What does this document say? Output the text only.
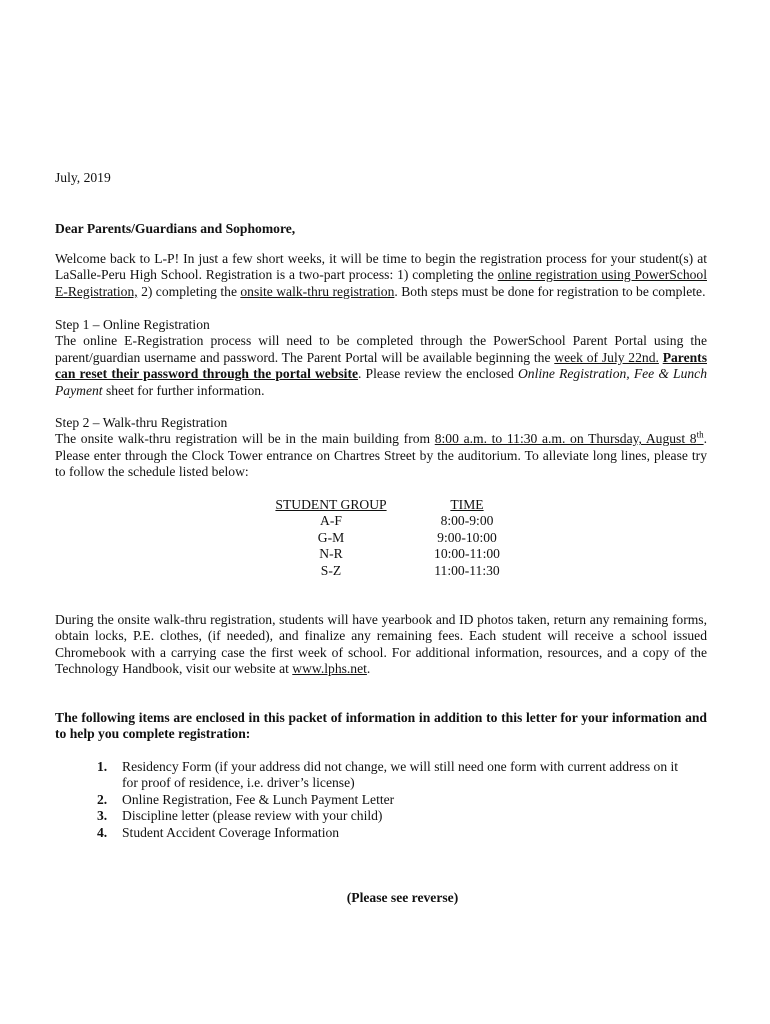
July, 2019
Dear Parents/Guardians and Sophomore,
Welcome back to L-P! In just a few short weeks, it will be time to begin the registration process for your student(s) at LaSalle-Peru High School. Registration is a two-part process: 1) completing the online registration using PowerSchool E-Registration, 2) completing the onsite walk-thru registration. Both steps must be done for registration to be complete.
Step 1 – Online Registration
The online E-Registration process will need to be completed through the PowerSchool Parent Portal using the parent/guardian username and password. The Parent Portal will be available beginning the week of July 22nd. Parents can reset their password through the portal website. Please review the enclosed Online Registration, Fee & Lunch Payment sheet for further information.
Step 2 – Walk-thru Registration
The onsite walk-thru registration will be in the main building from 8:00 a.m. to 11:30 a.m. on Thursday, August 8th. Please enter through the Clock Tower entrance on Chartres Street by the auditorium. To alleviate long lines, please try to follow the schedule listed below:
STUDENT GROUP	TIME
A-F	8:00-9:00
G-M	9:00-10:00
N-R	10:00-11:00
S-Z	11:00-11:30
During the onsite walk-thru registration, students will have yearbook and ID photos taken, return any remaining forms, obtain locks, P.E. clothes, (if needed), and finalize any remaining fees. Each student will receive a school issued Chromebook with a carrying case the first week of school. For additional information, resources, and a copy of the Technology Handbook, visit our website at www.lphs.net.
The following items are enclosed in this packet of information in addition to this letter for your information and to help you complete registration:
1.	Residency Form (if your address did not change, we will still need one form with current address on it for proof of residence, i.e. driver’s license)
2.	Online Registration, Fee & Lunch Payment Letter
3.	Discipline letter (please review with your child)
4.	Student Accident Coverage Information
(Please see reverse)
